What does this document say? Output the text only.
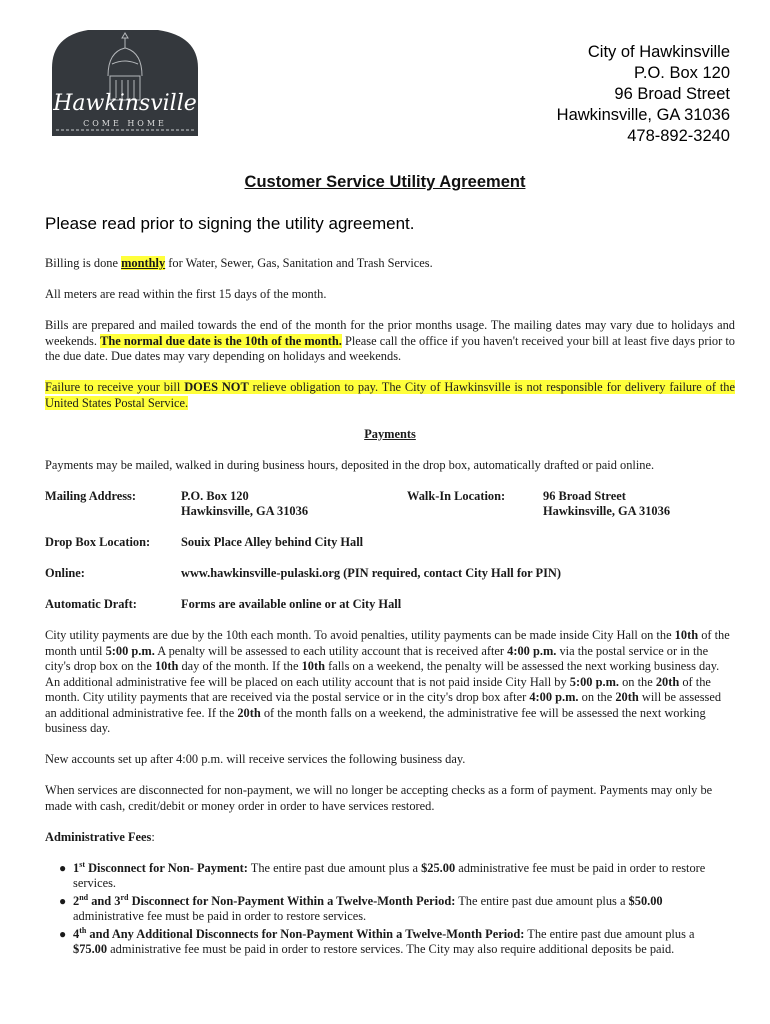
Hawkinsville
COME HOME
City of Hawkinsville
P.O. Box 120
96 Broad Street
Hawkinsville, GA 31036
478-892-3240
Customer Service Utility Agreement
Please read prior to signing the utility agreement.

Billing is done monthly for Water, Sewer, Gas, Sanitation and Trash Services.

All meters are read within the first 15 days of the month.

Bills are prepared and mailed towards the end of the month for the prior months usage. The mailing dates may vary due to holidays and weekends. The normal due date is the 10th of the month. Please call the office if you haven't received your bill at least five days prior to the due date. Due dates may vary depending on holidays and weekends.

Failure to receive your bill DOES NOT relieve obligation to pay. The City of Hawkinsville is not responsible for delivery failure of the United States Postal Service.

Payments

Payments may be mailed, walked in during business hours, deposited in the drop box, automatically drafted or paid online.

Mailing Address:	P.O. Box 120
Hawkinsville, GA 31036
Walk-In Location:	96 Broad Street
Hawkinsville, GA 31036
Drop Box Location:	Souix Place Alley behind City Hall
Online:	www.hawkinsville-pulaski.org (PIN required, contact City Hall for PIN)
Automatic Draft:	Forms are available online or at City Hall

City utility payments are due by the 10th each month. To avoid penalties, utility payments can be made inside City Hall on the 10th of the month until 5:00 p.m. A penalty will be assessed to each utility account that is received after 4:00 p.m. via the postal service or in the city's drop box on the 10th day of the month. If the 10th falls on a weekend, the penalty will be assessed the next working business day. An additional administrative fee will be placed on each utility account that is not paid inside City Hall by 5:00 p.m. on the 20th of the month. City utility payments that are received via the postal service or in the city's drop box after 4:00 p.m. on the 20th will be assessed an additional administrative fee. If the 20th of the month falls on a weekend, the administrative fee will be assessed the next working business day.

New accounts set up after 4:00 p.m. will receive services the following business day.

When services are disconnected for non-payment, we will no longer be accepting checks as a form of payment. Payments may only be made with cash, credit/debit or money order in order to have services restored.

Administrative Fees:

● 1st Disconnect for Non- Payment: The entire past due amount plus a $25.00 administrative fee must be paid in order to restore services.
● 2nd and 3rd Disconnect for Non-Payment Within a Twelve-Month Period: The entire past due amount plus a $50.00 administrative fee must be paid in order to restore services.
● 4th and Any Additional Disconnects for Non-Payment Within a Twelve-Month Period: The entire past due amount plus a $75.00 administrative fee must be paid in order to restore services. The City may also require additional deposits be paid.
